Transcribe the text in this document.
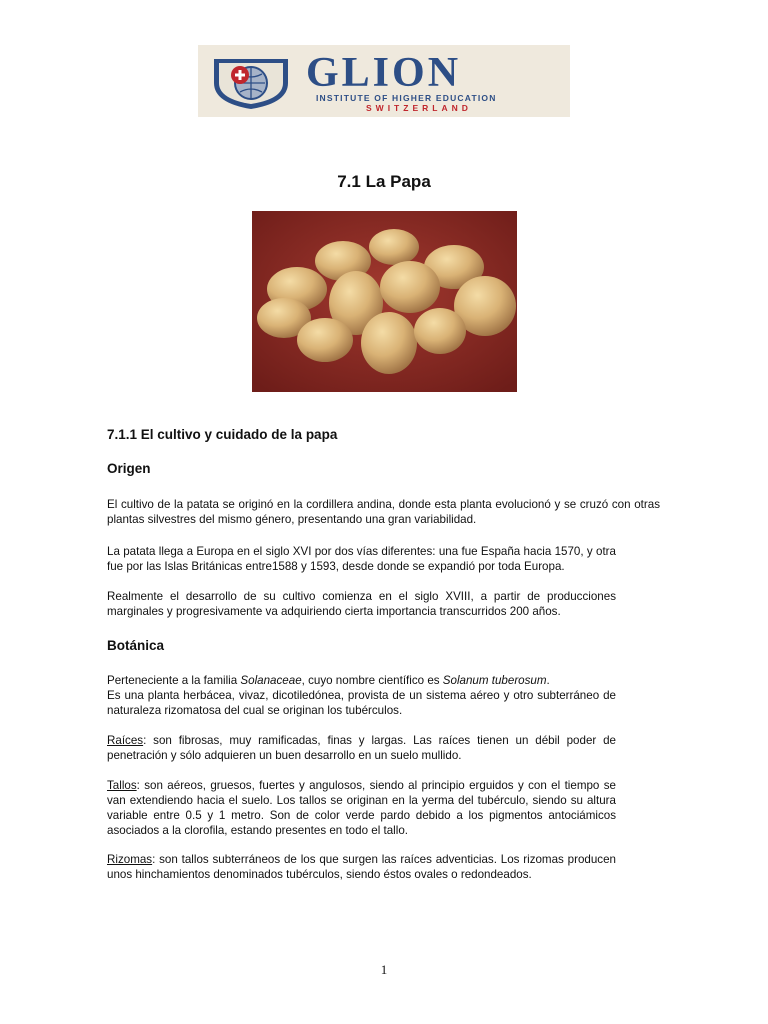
GLION
INSTITUTE OF HIGHER EDUCATION
SWITZERLAND
7.1 La Papa
7.1.1 El cultivo y cuidado de la papa
Origen

El cultivo de la patata se originó en la cordillera andina, donde esta planta evolucionó y se cruzó con otras plantas silvestres del mismo género, presentando una gran variabilidad.

La patata llega a Europa en el siglo XVI por dos vías diferentes: una fue España hacia 1570, y otra fue por las Islas Británicas entre1588 y 1593, desde donde se expandió por toda Europa.

Realmente el desarrollo de su cultivo comienza en el siglo XVIII, a partir de producciones marginales y progresivamente va adquiriendo cierta importancia transcurridos 200 años.

Botánica

Perteneciente a la familia Solanaceae, cuyo nombre científico es Solanum tuberosum.

Es una planta herbácea, vivaz, dicotiledónea, provista de un sistema aéreo y otro subterráneo de naturaleza rizomatosa del cual se originan los tubérculos.

Raíces: son fibrosas, muy ramificadas, finas y largas. Las raíces tienen un débil poder de penetración y sólo adquieren un buen desarrollo en un suelo mullido.

Tallos: son aéreos, gruesos, fuertes y angulosos, siendo al principio erguidos y con el tiempo se van extendiendo hacia el suelo. Los tallos se originan en la yerma del tubérculo, siendo su altura variable entre 0.5 y 1 metro. Son de color verde pardo debido a los pigmentos antociámicos asociados a la clorofila, estando presentes en todo el tallo.

Rizomas: son tallos subterráneos de los que surgen las raíces adventicias. Los rizomas producen unos hinchamientos denominados tubérculos, siendo éstos ovales o redondeados.

1
